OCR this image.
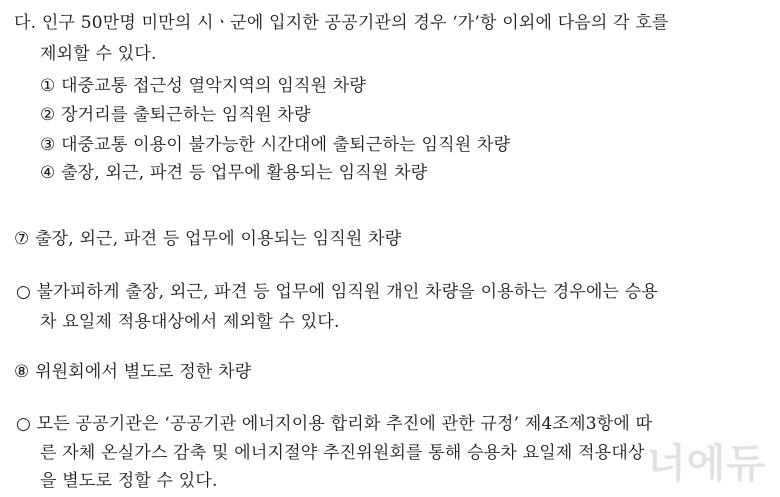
다. 인구 50만명 미만의 시ㆍ군에 입지한 공공기관의 경우 ‘가’항 이외에 다음의 각 호를
제외할 수 있다.
① 대중교통 접근성 열악지역의 임직원 차량
② 장거리를 출퇴근하는 임직원 차량
③ 대중교통 이용이 불가능한 시간대에 출퇴근하는 임직원 차량
④ 출장, 외근, 파견 등 업무에 활용되는 임직원 차량
⑦ 출장, 외근, 파견 등 업무에 이용되는 임직원 차량
○ 불가피하게 출장, 외근, 파견 등 업무에 임직원 개인 차량을 이용하는 경우에는 승용
차 요일제 적용대상에서 제외할 수 있다.
⑧ 위원회에서 별도로 정한 차량
○ 모든 공공기관은 ‘공공기관 에너지이용 합리화 추진에 관한 규정’ 제4조제3항에 따
른 자체 온실가스 감축 및 에너지절약 추진위원회를 통해 승용차 요일제 적용대상
을 별도로 정할 수 있다.	너에듀
